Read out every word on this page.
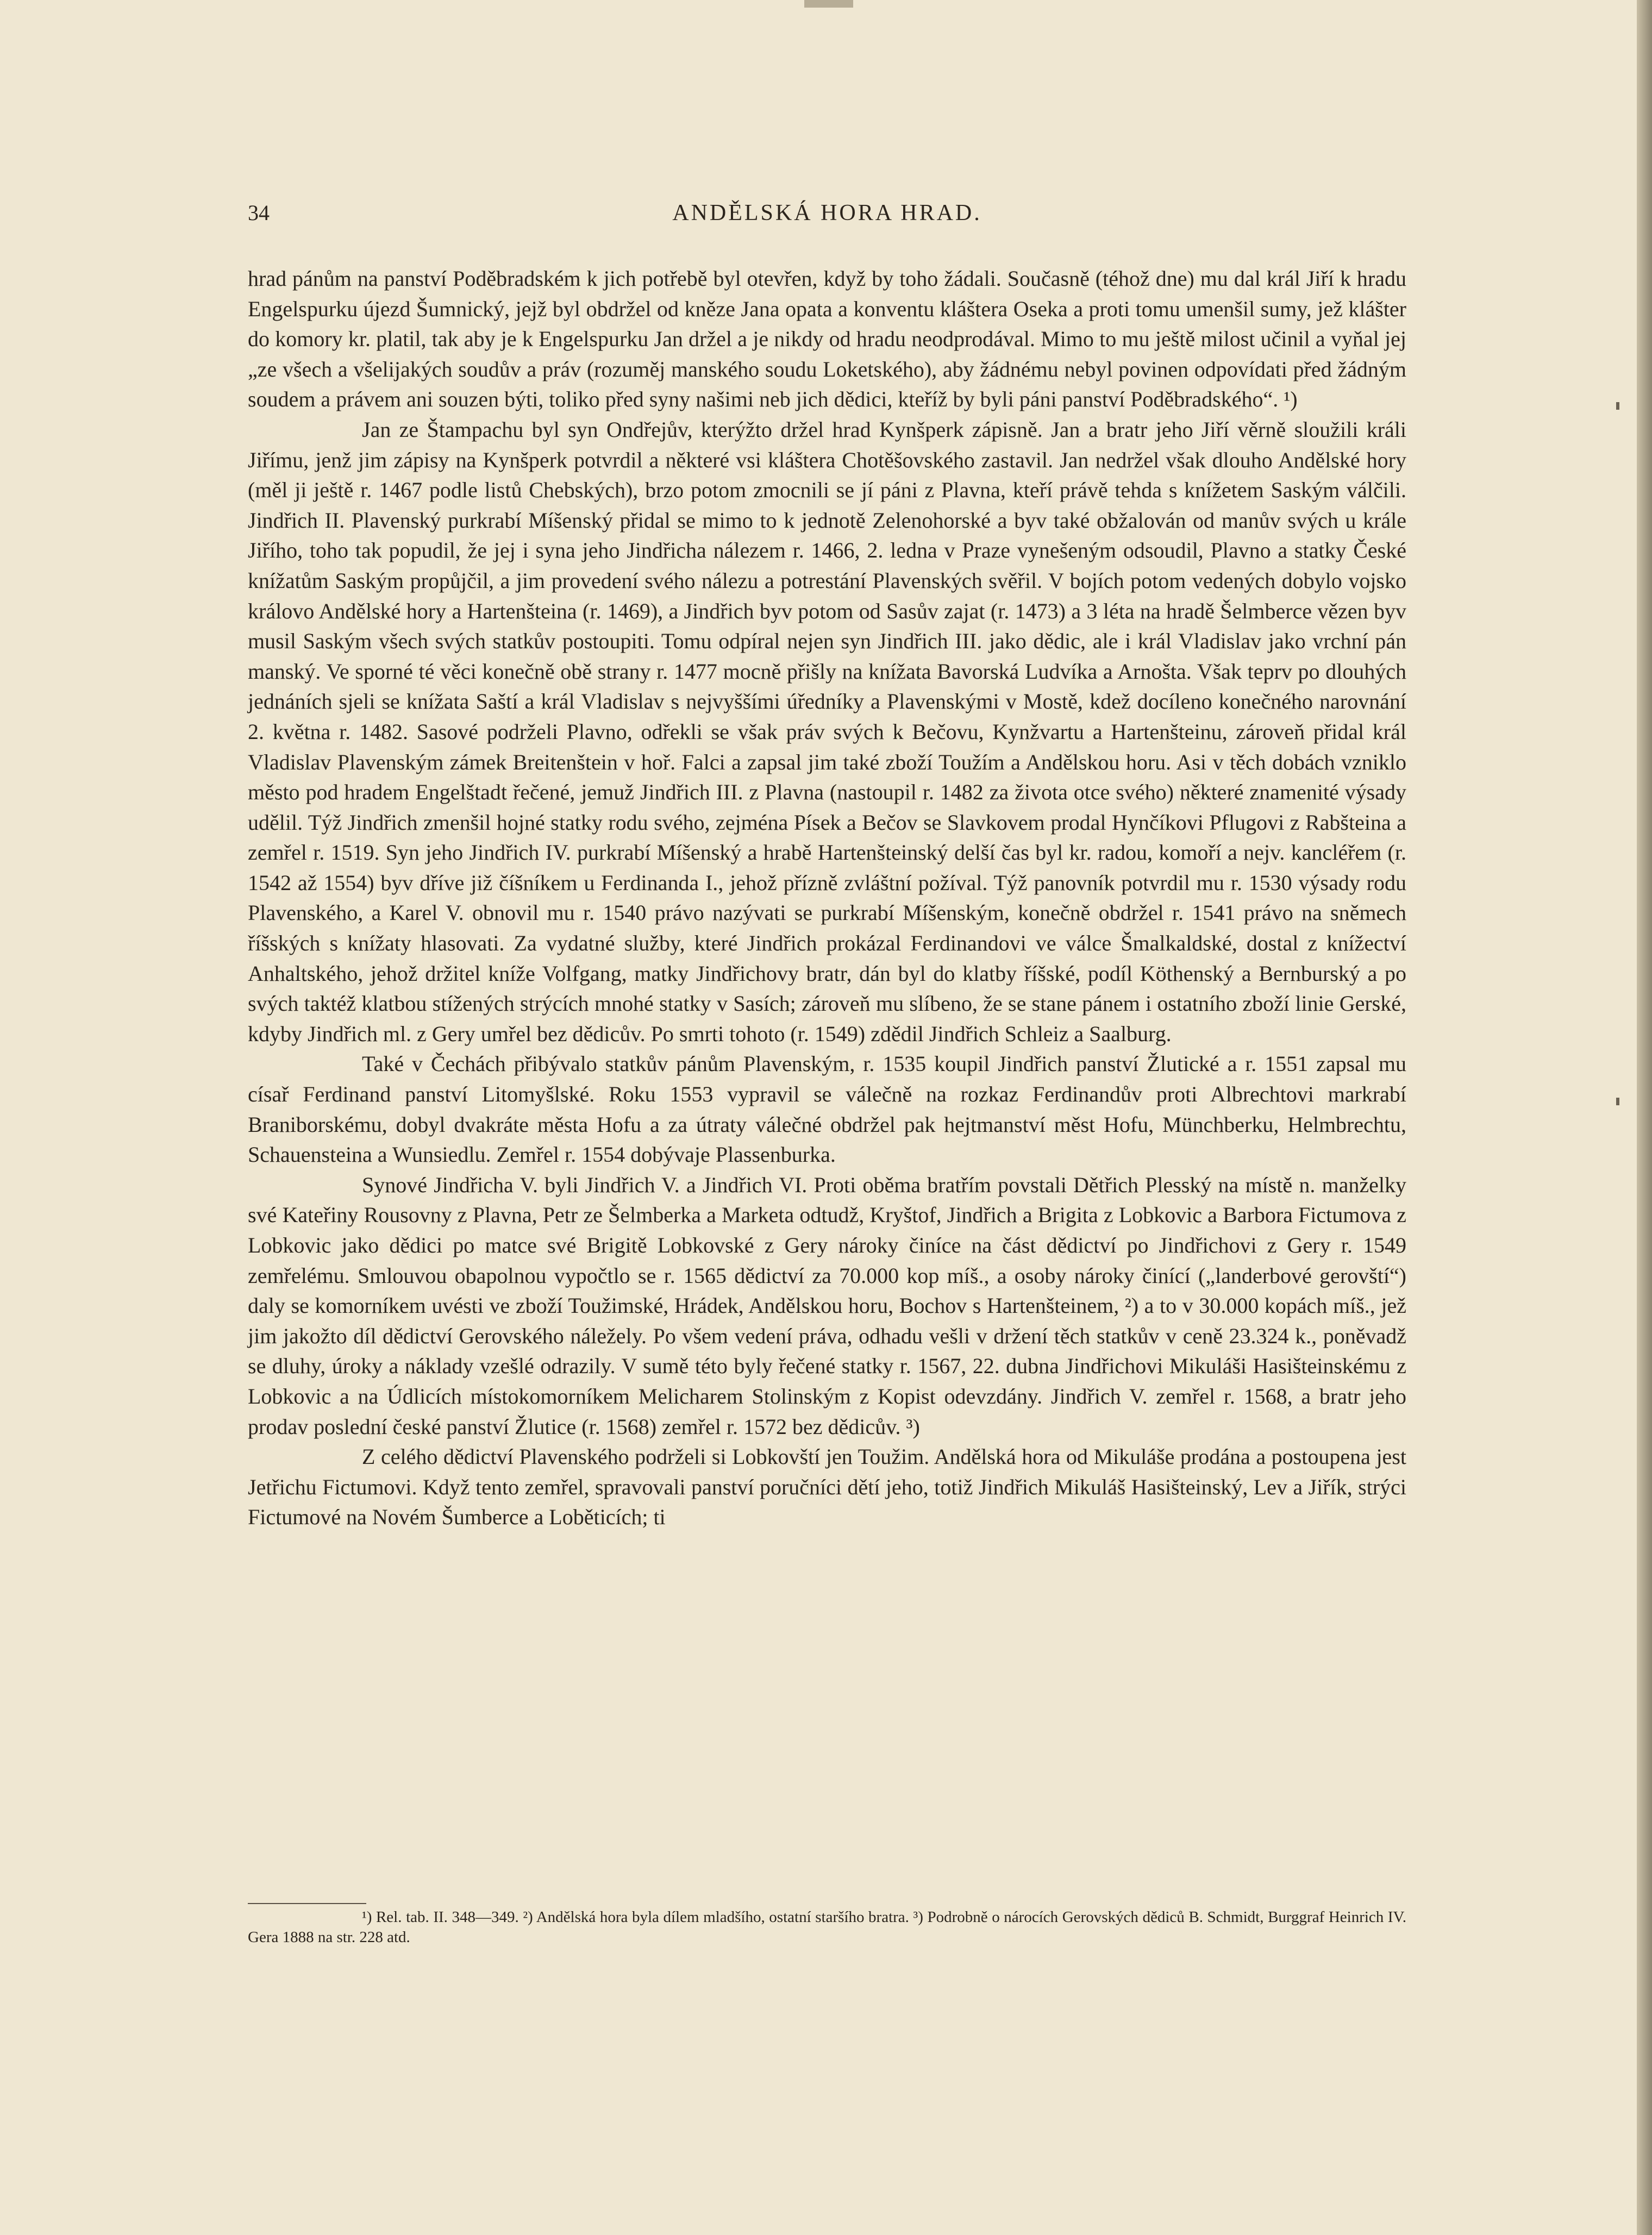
34	ANDĚLSKÁ HORA HRAD.

hrad pánům na panství Poděbradském k jich potřebě byl otevřen, když by toho žádali. Současně (téhož dne) mu dal král Jiří k hradu Engelspurku újezd Šumnický, jejž byl obdržel od kněze Jana opata a konventu kláštera Oseka a proti tomu umenšil sumy, jež klášter do komory kr. platil, tak aby je k Engelspurku Jan držel a je nikdy od hradu neodprodával. Mimo to mu ještě milost učinil a vyňal jej „ze všech a všelijakých soudův a práv (rozuměj manského soudu Loketského), aby žádnému nebyl povinen odpovídati před žádným soudem a právem ani souzen býti, toliko před syny našimi neb jich dědici, kteříž by byli páni panství Poděbradského“. ¹)

Jan ze Štampachu byl syn Ondřejův, kterýžto držel hrad Kynšperk zápisně. Jan a bratr jeho Jiří věrně sloužili králi Jiřímu, jenž jim zápisy na Kynšperk potvrdil a některé vsi kláštera Chotěšovského zastavil. Jan nedržel však dlouho Andělské hory (měl ji ještě r. 1467 podle listů Chebských), brzo potom zmocnili se jí páni z Plavna, kteří právě tehda s knížetem Saským válčili. Jindřich II. Plavenský purkrabí Míšenský přidal se mimo to k jednotě Zelenohorské a byv také obžalován od manův svých u krále Jiřího, toho tak popudil, že jej i syna jeho Jindřicha nálezem r. 1466, 2. ledna v Praze vynešeným odsoudil, Plavno a statky České knížatům Saským propůjčil, a jim provedení svého nálezu a potrestání Plavenských svěřil. V bojích potom vedených dobylo vojsko královo Andělské hory a Hartenšteina (r. 1469), a Jindřich byv potom od Sasův zajat (r. 1473) a 3 léta na hradě Šelmberce vězen byv musil Saským všech svých statkův postoupiti. Tomu odpíral nejen syn Jindřich III. jako dědic, ale i král Vladislav jako vrchní pán manský. Ve sporné té věci konečně obě strany r. 1477 mocně přišly na knížata Bavorská Ludvíka a Arnošta. Však teprv po dlouhých jednáních sjeli se knížata Saští a král Vladislav s nejvyššími úředníky a Plavenskými v Mostě, kdež docíleno konečného narovnání 2. května r. 1482. Sasové podrželi Plavno, odřekli se však práv svých k Bečovu, Kynžvartu a Hartenšteinu, zároveň přidal král Vladislav Plavenským zámek Breitenštein v hoř. Falci a zapsal jim také zboží Toužím a Andělskou horu. Asi v těch dobách vzniklo město pod hradem Engelštadt řečené, jemuž Jindřich III. z Plavna (nastoupil r. 1482 za života otce svého) některé znamenité výsady udělil. Týž Jindřich zmenšil hojné statky rodu svého, zejména Písek a Bečov se Slavkovem prodal Hynčíkovi Pflugovi z Rabšteina a zemřel r. 1519. Syn jeho Jindřich IV. purkrabí Míšenský a hrabě Hartenšteinský delší čas byl kr. radou, komoří a nejv. kancléřem (r. 1542 až 1554) byv dříve již číšníkem u Ferdinanda I., jehož přízně zvláštní požíval. Týž panovník potvrdil mu r. 1530 výsady rodu Plavenského, a Karel V. obnovil mu r. 1540 právo nazývati se purkrabí Míšenským, konečně obdržel r. 1541 právo na sněmech říšských s knížaty hlasovati. Za vydatné služby, které Jindřich prokázal Ferdinandovi ve válce Šmalkaldské, dostal z knížectví Anhaltského, jehož držitel kníže Volfgang, matky Jindřichovy bratr, dán byl do klatby říšské, podíl Köthenský a Bernburský a po svých taktéž klatbou stížených strýcích mnohé statky v Sasích; zároveň mu slíbeno, že se stane pánem i ostatního zboží linie Gerské, kdyby Jindřich ml. z Gery umřel bez dědicův. Po smrti tohoto (r. 1549) zdědil Jindřich Schleiz a Saalburg.

Také v Čechách přibývalo statkův pánům Plavenským, r. 1535 koupil Jindřich panství Žlutické a r. 1551 zapsal mu císař Ferdinand panství Litomyšlské. Roku 1553 vypravil se válečně na rozkaz Ferdinandův proti Albrechtovi markrabí Braniborskému, dobyl dvakráte města Hofu a za útraty válečné obdržel pak hejtmanství měst Hofu, Münchberku, Helmbrechtu, Schauensteina a Wunsiedlu. Zemřel r. 1554 dobývaje Plassenburka.

Synové Jindřicha V. byli Jindřich V. a Jindřich VI. Proti oběma bratřím povstali Dětřich Plesský na místě n. manželky své Kateřiny Rousovny z Plavna, Petr ze Šelmberka a Marketa odtudž, Kryštof, Jindřich a Brigita z Lobkovic a Barbora Fictumova z Lobkovic jako dědici po matce své Brigitě Lobkovské z Gery nároky činíce na část dědictví po Jindřichovi z Gery r. 1549 zemřelému. Smlouvou obapolnou vypočtlo se r. 1565 dědictví za 70.000 kop míš., a osoby nároky činící („landerbové gerovští“) daly se komorníkem uvésti ve zboží Toužimské, Hrádek, Andělskou horu, Bochov s Hartenšteinem, ²) a to v 30.000 kopách míš., jež jim jakožto díl dědictví Gerovského náležely. Po všem vedení práva, odhadu vešli v držení těch statkův v ceně 23.324 k., poněvadž se dluhy, úroky a náklady vzešlé odrazily. V sumě této byly řečené statky r. 1567, 22. dubna Jindřichovi Mikuláši Hasišteinskému z Lobkovic a na Údlicích místokomorníkem Melicharem Stolinským z Kopist odevzdány. Jindřich V. zemřel r. 1568, a bratr jeho prodav poslední české panství Žlutice (r. 1568) zemřel r. 1572 bez dědicův. ³)

Z celého dědictví Plavenského podrželi si Lobkovští jen Toužim. Andělská hora od Mikuláše prodána a postoupena jest Jetřichu Fictumovi. Když tento zemřel, spravovali panství poručníci dětí jeho, totiž Jindřich Mikuláš Hasišteinský, Lev a Jiřík, strýci Fictumové na Novém Šumberce a Loběticích; ti

¹) Rel. tab. II. 348—349. ²) Andělská hora byla dílem mladšího, ostatní staršího bratra. ³) Podrobně o nárocích Gerovských dědiců B. Schmidt, Burggraf Heinrich IV. Gera 1888 na str. 228 atd.
